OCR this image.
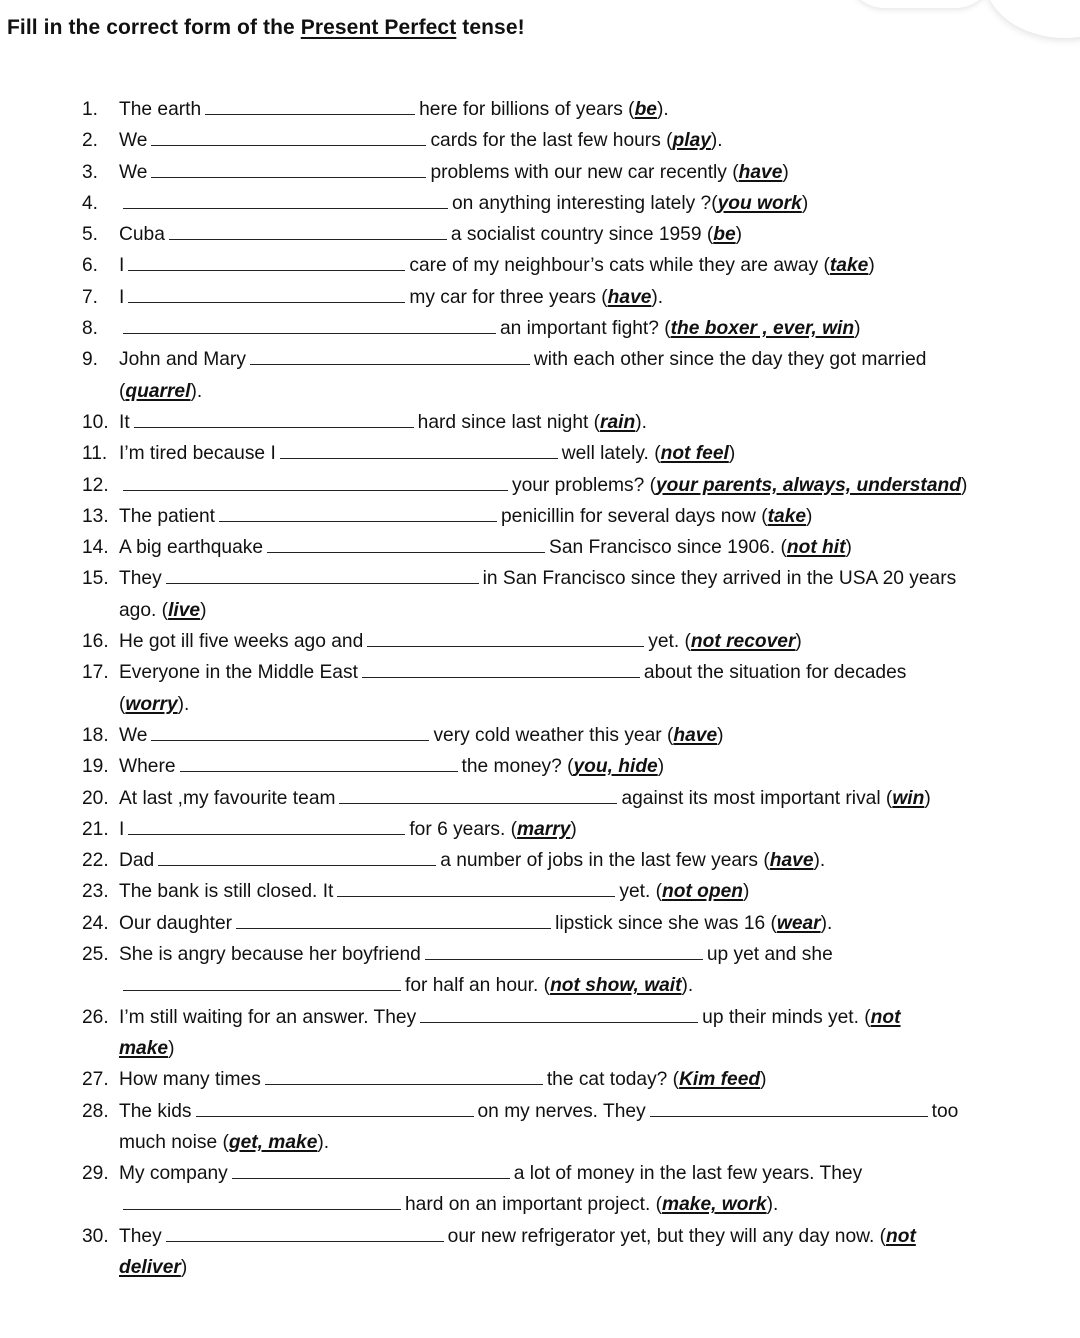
Fill in the correct form of the Present Perfect tense!
1. The earth	here for billions of years (be).
2. We	cards for the last few hours (play).
3. We	problems with our new car recently (have)
4.	on anything interesting lately ?(you work)
5. Cuba	a socialist country since 1959 (be)
6. I	care of my neighbour’s cats while they are away (take)
7. I	my car for three years (have).
8.	an important fight? (the boxer , ever, win)
9. John and Mary	with each other since the day they got married
(quarrel).
10. It	hard since last night (rain).
11. I’m tired because I	well lately. (not feel)
12.	your problems? (your parents, always, understand)
13. The patient	penicillin for several days now (take)
14. A big earthquake	San Francisco since 1906. (not hit)
15. They	in San Francisco since they arrived in the USA 20 years
ago. (live)
16. He got ill five weeks ago and	yet. (not recover)
17. Everyone in the Middle East	about the situation for decades
(worry).
18. We	very cold weather this year (have)
19. Where	the money? (you, hide)
20. At last ,my favourite team	against its most important rival (win)
21. I	for 6 years. (marry)
22. Dad	a number of jobs in the last few years (have).
23. The bank is still closed. It	yet. (not open)
24. Our daughter	lipstick since she was 16 (wear).
25. She is angry because her boyfriend	up yet and she
for half an hour. (not show, wait).
26. I’m still waiting for an answer. They	up their minds yet. (not
make)
27. How many times	the cat today? (Kim feed)
28. The kids	on my nerves. They	too
much noise (get, make).
29. My company	a lot of money in the last few years. They
hard on an important project. (make, work).
30. They	our new refrigerator yet, but they will any day now. (not
deliver)
